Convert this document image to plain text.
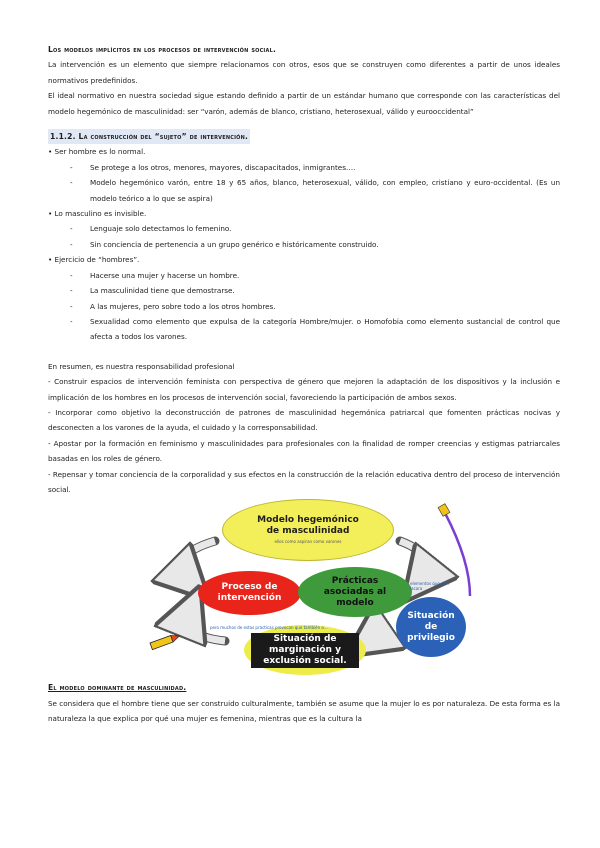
Los modelos implícitos en los procesos de intervención social.
La intervención es un elemento que siempre relacionamos con otros, esos que se construyen como diferentes a partir de unos ideales normativos predefinidos.
El ideal normativo en nuestra sociedad sigue estando definido a partir de un estándar humano que corresponde con las características del modelo hegemónico de masculinidad: ser “varón, además de blanco, cristiano, heterosexual, válido y eurooccidental”
1.1.2. La construcción del “sujeto” de intervención.
• Ser hombre es lo normal.
- Se protege a los otros, menores, mayores, discapacitados, inmigrantes….
- Modelo hegemónico varón, entre 18 y 65 años, blanco, heterosexual, válido, con empleo, cristiano y euro-occidental. (Es un modelo teórico a lo que se aspira)
• Lo masculino es invisible.
- Lenguaje solo detectamos lo femenino.
- Sin conciencia de pertenencia a un grupo genérico e históricamente construido.
• Ejercicio de “hombres”.
- Hacerse una mujer y hacerse un hombre.
- La masculinidad tiene que demostrarse.
- A las mujeres, pero sobre todo a los otros hombres.
- Sexualidad como elemento que expulsa de la categoría Hombre/mujer. o Homofobia como elemento sustancial de control que afecta a todos los varones.
En resumen, es nuestra responsabilidad profesional
- Construir espacios de intervención feminista con perspectiva de género que mejoren la adaptación de los dispositivos y la inclusión e implicación de los hombres en los procesos de intervención social, favoreciendo la participación de ambos sexos.
- Incorporar como objetivo la deconstrucción de patrones de masculinidad hegemónica patriarcal que fomenten prácticas nocivas y desconecten a los varones de la ayuda, el cuidado y la corresponsabilidad.
- Apostar por la formación en feminismo y masculinidades para profesionales con la finalidad de romper creencias y estigmas patriarcales basadas en los roles de género.
- Repensar y tomar conciencia de la corporalidad y sus efectos en la construcción de la relación educativa dentro del proceso de intervención social.
Modelo hegemónico de masculinidad
ellos como aspiran como varones
Proceso de intervención
Prácticas asociadas al modelo
Situación de marginación y exclusión social.
Situación de privilegio
pero muchos de estas prácticas provocan que también a...
elementos que dan lacara
El modelo dominante de masculinidad.
Se considera que el hombre tiene que ser construido culturalmente, también se asume que la mujer lo es por naturaleza. De esta forma es la naturaleza la que explica por qué una mujer es femenina, mientras que es la cultura la
